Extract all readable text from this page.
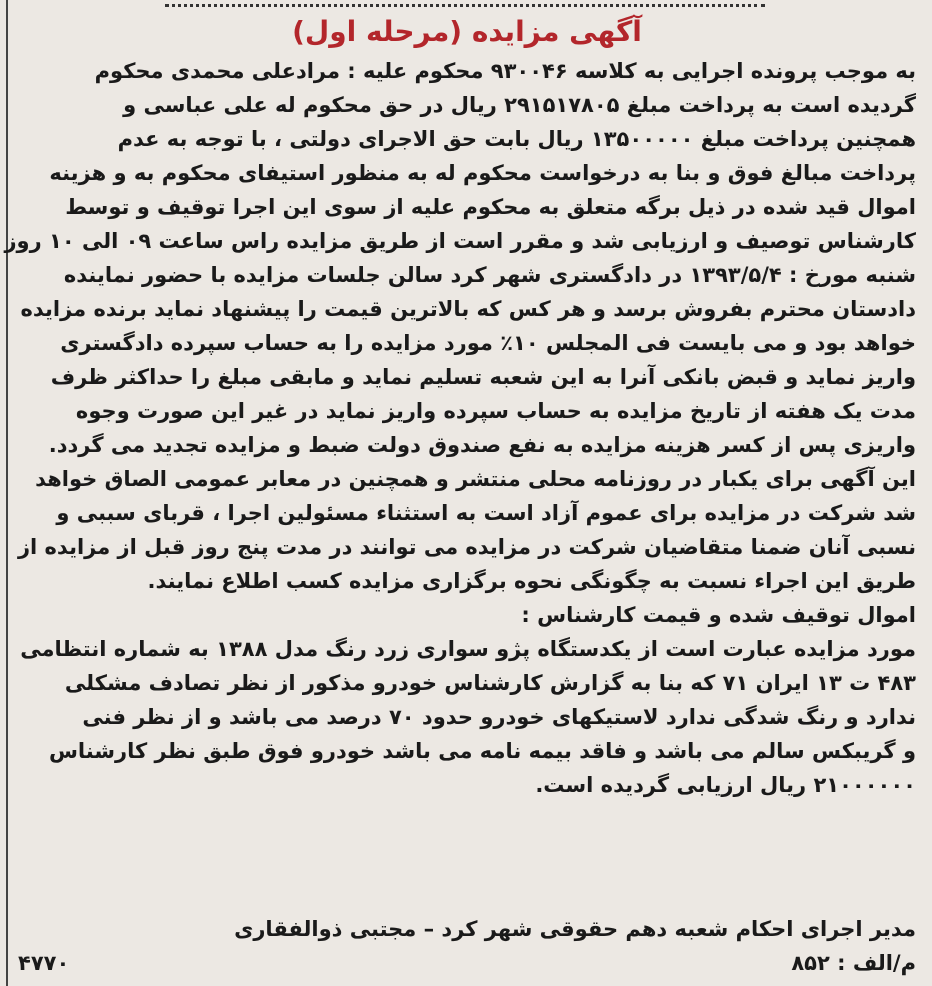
آگهی مزایده (مرحله اول)
به موجب پرونده اجرایی به کلاسه ۹۳۰۰۴۶ محکوم علیه : مرادعلی محمدی محکوم
گردیده است به پرداخت مبلغ ۲۹۱۵۱۷۸۰۵ ریال در حق محکوم له علی عباسی و
همچنین پرداخت مبلغ ۱۳۵۰۰۰۰۰ ریال بابت حق الاجرای دولتی ، با توجه به عدم
پرداخت مبالغ فوق و بنا به درخواست محکوم له به منظور استیفای محکوم به و هزینه
اموال قید شده در ذیل برگه متعلق به محکوم علیه از سوی این اجرا توقیف و توسط
کارشناس توصیف و ارزیابی شد و مقرر است از طریق مزایده راس ساعت ۰۹ الی ۱۰ روز
شنبه مورخ : ۱۳۹۳/۵/۴ در دادگستری شهر کرد سالن جلسات مزایده با حضور نماینده
دادستان محترم بفروش برسد و هر کس که بالاترین قیمت را پیشنهاد نماید برنده مزایده
خواهد بود و می بایست فی المجلس ۱۰٪ مورد مزایده را به حساب سپرده دادگستری
واریز نماید و قبض بانکی آنرا به این شعبه تسلیم نماید و مابقی مبلغ را حداکثر ظرف
مدت یک هفته از تاریخ مزایده به حساب سپرده واریز نماید در غیر این صورت وجوه
واریزی پس از کسر هزینه مزایده به نفع صندوق دولت ضبط و مزایده تجدید می گردد.
این آگهی برای یکبار در روزنامه محلی منتشر و همچنین در معابر عمومی الصاق خواهد
شد شرکت در مزایده برای عموم آزاد است به استثناء مسئولین اجرا ، قربای سببی و
نسبی آنان ضمنا متقاضیان شرکت در مزایده می توانند در مدت پنج روز قبل از مزایده از
طریق این اجراء نسبت به چگونگی نحوه برگزاری مزایده کسب اطلاع نمایند.
اموال توقیف شده و قیمت کارشناس :
مورد مزایده عبارت است از یکدستگاه پژو سواری زرد رنگ مدل ۱۳۸۸ به شماره انتظامی
۴۸۳ ت ۱۳ ایران ۷۱ که بنا به گزارش کارشناس خودرو مذکور از نظر تصادف مشکلی
ندارد و رنگ شدگی ندارد لاستیکهای خودرو حدود ۷۰ درصد می باشد و از نظر فنی
و گریبکس سالم می باشد و فاقد بیمه نامه می باشد خودرو فوق طبق نظر کارشناس
۲۱۰۰۰۰۰۰ ریال ارزیابی گردیده است.
مدیر اجرای احکام شعبه دهم حقوقی شهر کرد – مجتبی ذوالفقاری
م/الف : ۸۵۲
۴۷۷۰
